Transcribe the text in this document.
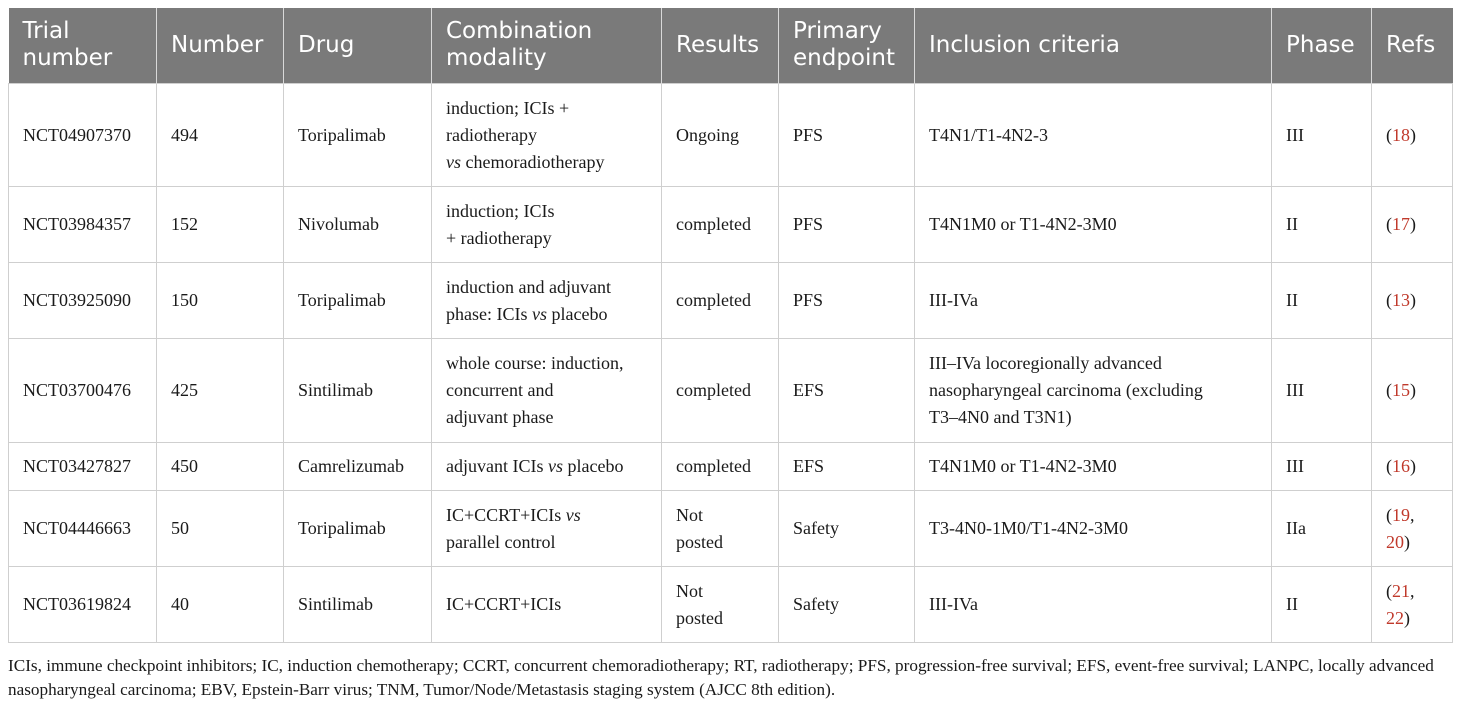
Trial number	Number	Drug	Combination modality	Results	Primary endpoint	Inclusion criteria	Phase	Refs
NCT04907370	494	Toripalimab	induction; ICIs +
radiotherapy
vs chemoradiotherapy	Ongoing	PFS	T4N1/T1-4N2-3	III	(18)
NCT03984357	152	Nivolumab	induction; ICIs
+ radiotherapy	completed	PFS	T4N1M0 or T1-4N2-3M0	II	(17)
NCT03925090	150	Toripalimab	induction and adjuvant
phase: ICIs vs placebo	completed	PFS	III-IVa	II	(13)
NCT03700476	425	Sintilimab	whole course: induction,
concurrent and
adjuvant phase	completed	EFS	III–IVa locoregionally advanced
nasopharyngeal carcinoma (excluding
T3–4N0 and T3N1)	III	(15)
NCT03427827	450	Camrelizumab	adjuvant ICIs vs placebo	completed	EFS	T4N1M0 or T1-4N2-3M0	III	(16)
NCT04446663	50	Toripalimab	IC+CCRT+ICIs vs
parallel control	Not
posted	Safety	T3-4N0-1M0/T1-4N2-3M0	IIa	(19,
20)
NCT03619824	40	Sintilimab	IC+CCRT+ICIs	Not
posted	Safety	III-IVa	II	(21,
22)
ICIs, immune checkpoint inhibitors; IC, induction chemotherapy; CCRT, concurrent chemoradiotherapy; RT, radiotherapy; PFS, progression-free survival; EFS, event-free survival; LANPC, locally advanced nasopharyngeal carcinoma; EBV, Epstein-Barr virus; TNM, Tumor/Node/Metastasis staging system (AJCC 8th edition).
